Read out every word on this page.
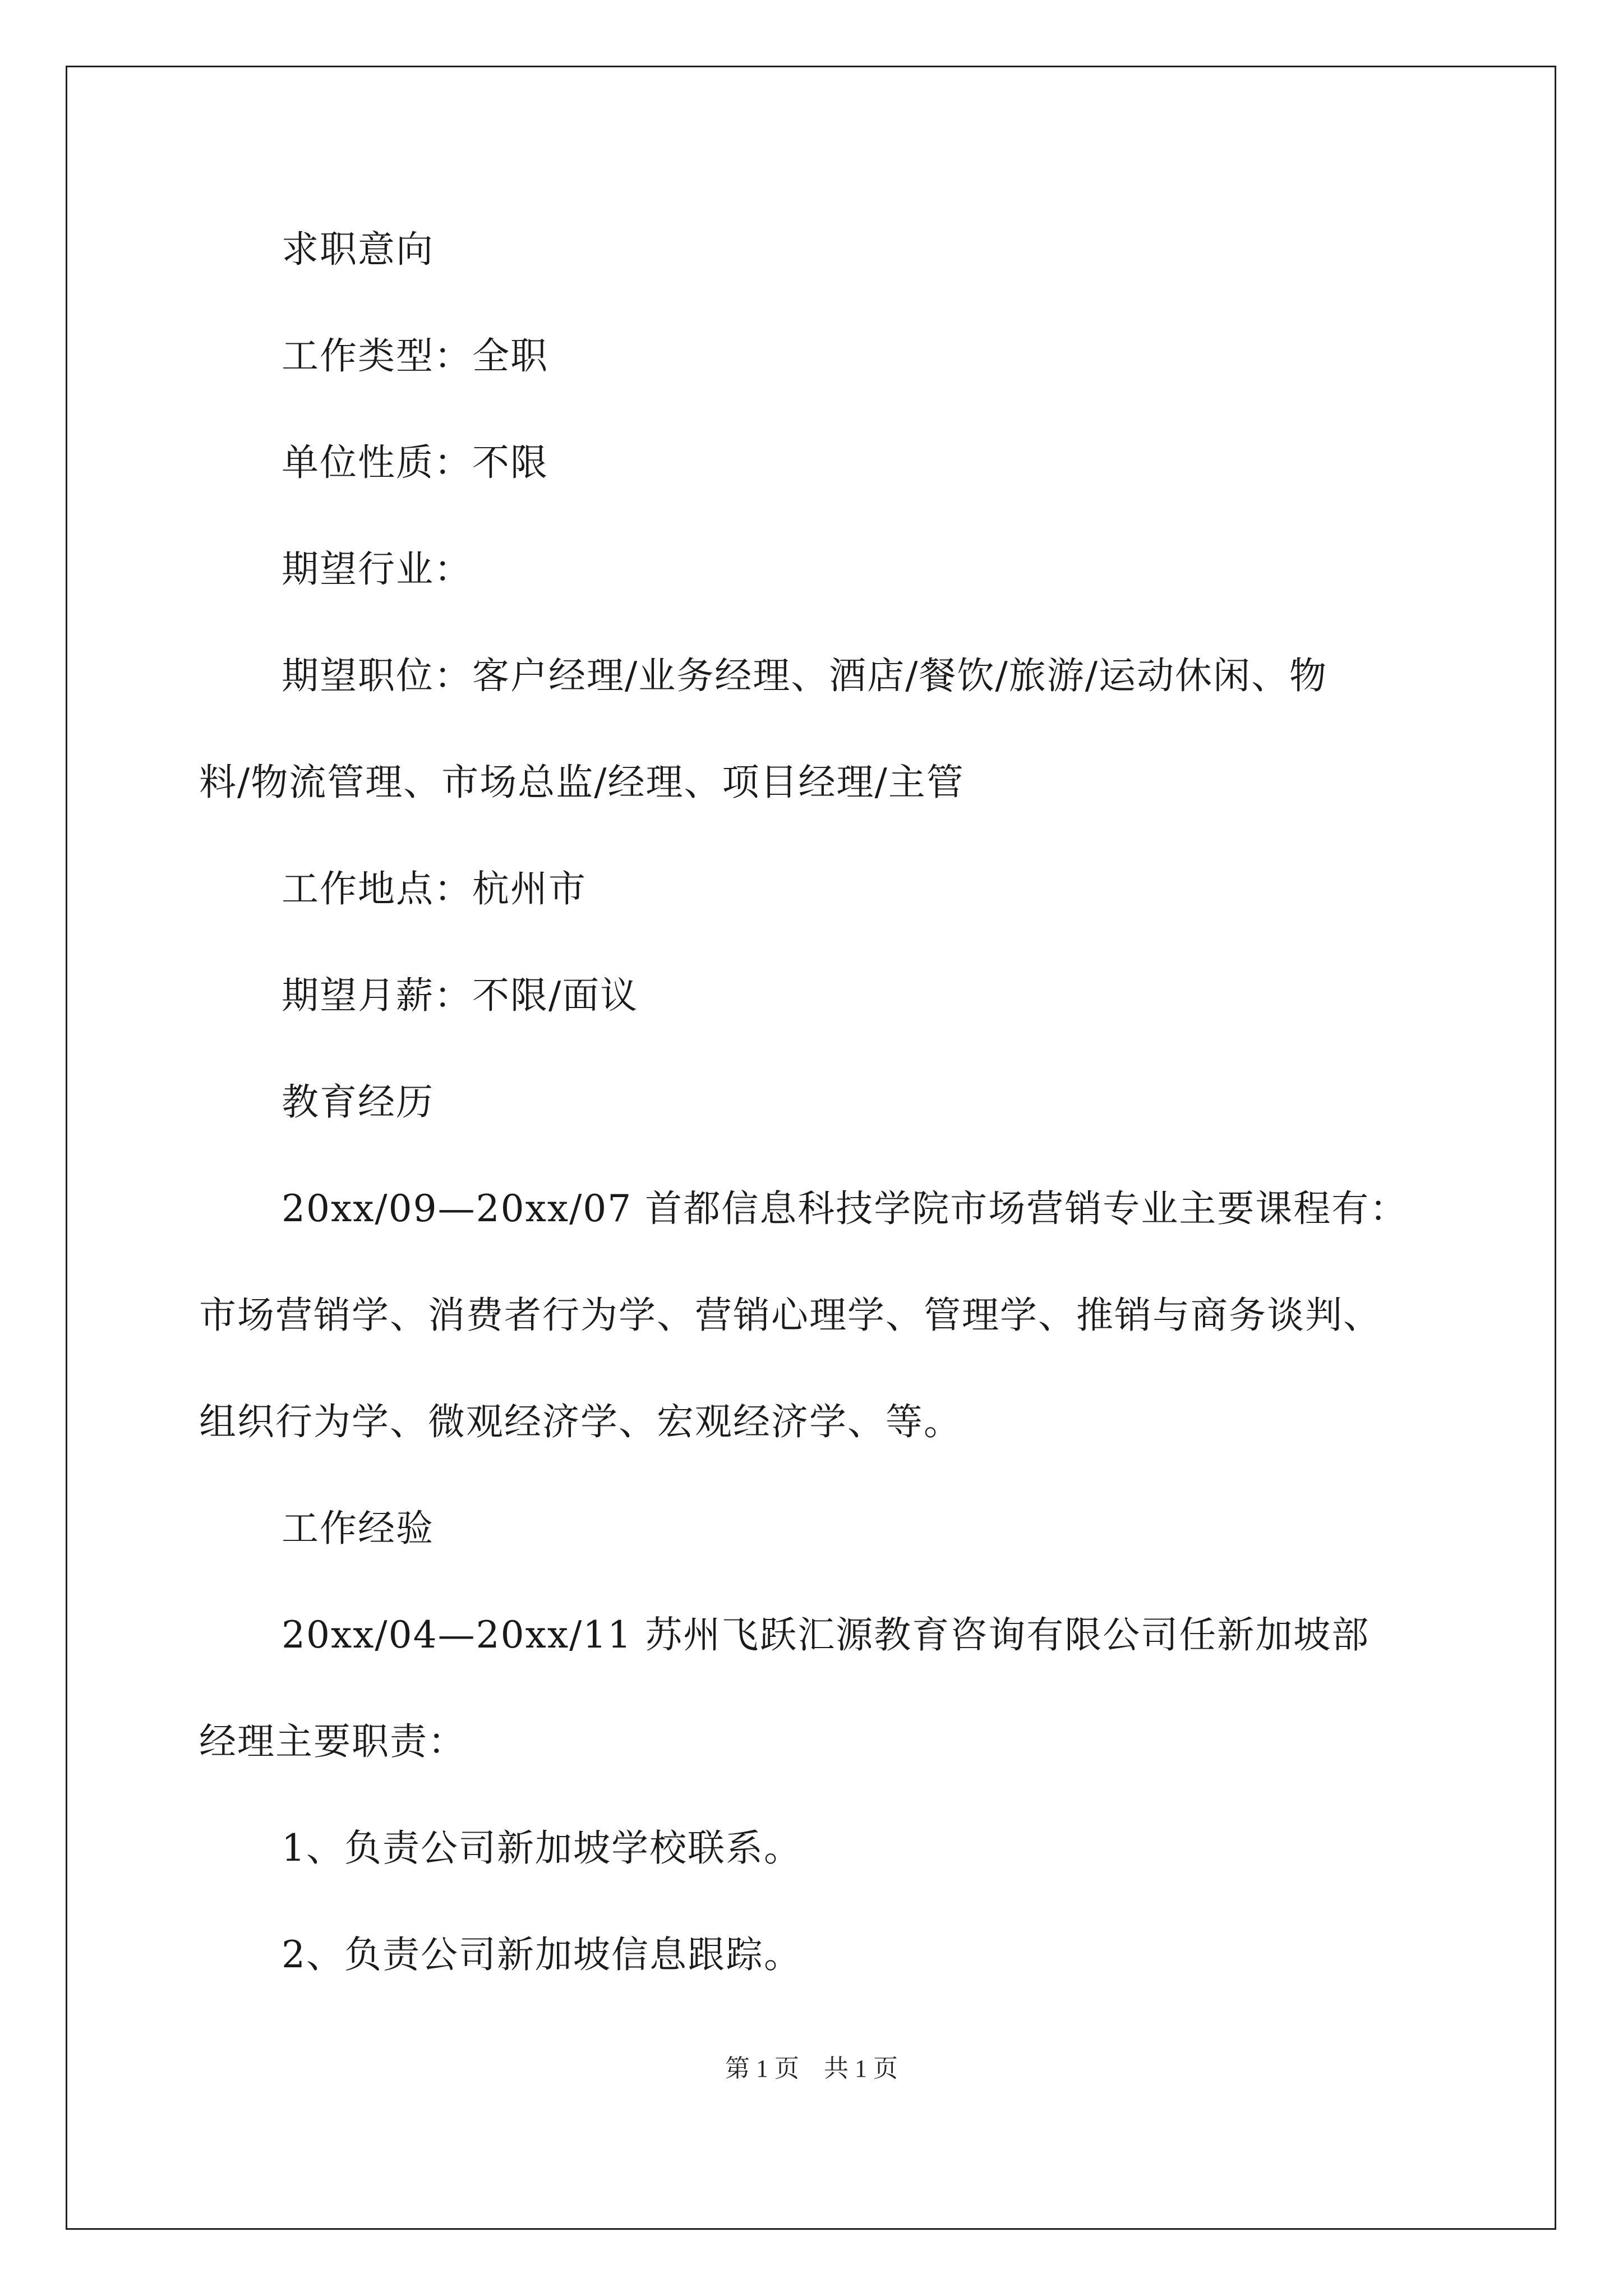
求职意向
工作类型：全职
单位性质：不限
期望行业：
期望职位：客户经理/业务经理、酒店/餐饮/旅游/运动休闲、物
料/物流管理、市场总监/经理、项目经理/主管
工作地点：杭州市
期望月薪：不限/面议
教育经历
20xx/09—20xx/07 首都信息科技学院市场营销专业主要课程有：
市场营销学、消费者行为学、营销心理学、管理学、推销与商务谈判、
组织行为学、微观经济学、宏观经济学、等。
工作经验
20xx/04—20xx/11 苏州飞跃汇源教育咨询有限公司任新加坡部
经理主要职责：
1、负责公司新加坡学校联系。
2、负责公司新加坡信息跟踪。
第 1 页　共 1 页
